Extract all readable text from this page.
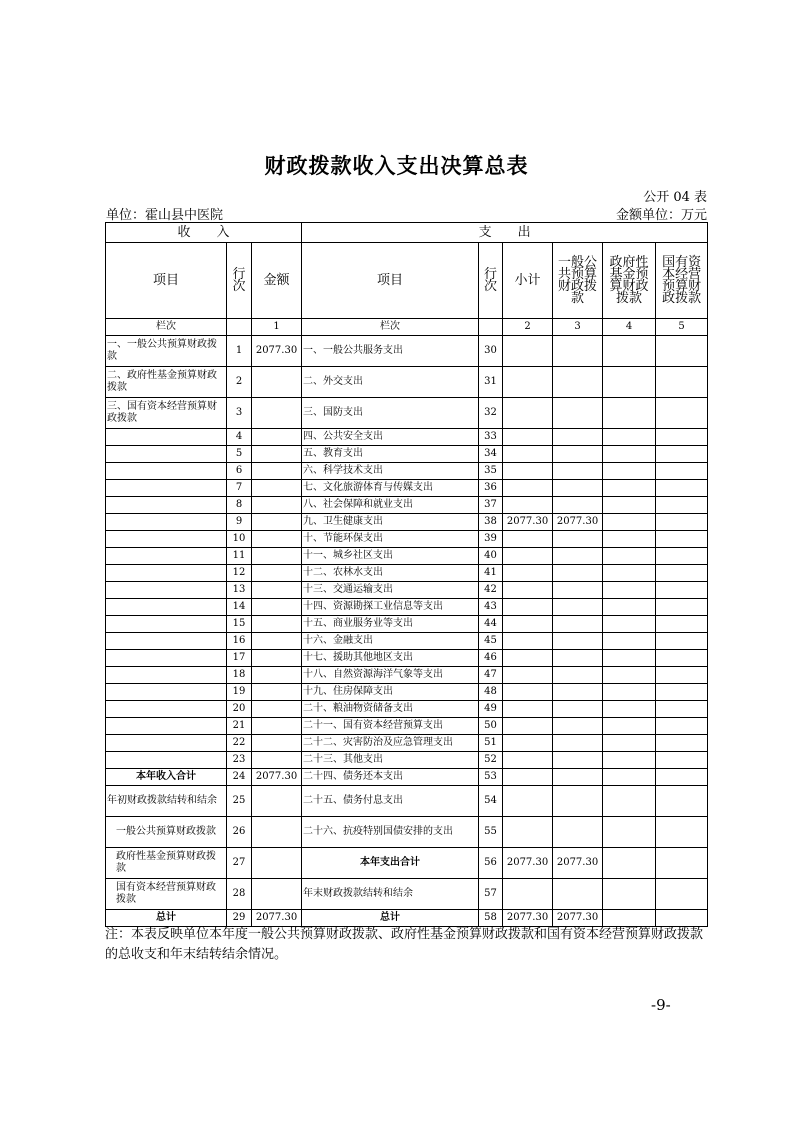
财政拨款收入支出决算总表
公开 04 表
单位：霍山县中医院	金额单位：万元
收　　入			支　　出					
项目	行次	金额	项目	行次	小计	一般公共预算财政拨款	政府性基金预算财政拨款	国有资本经营预算财政拨款
栏次		1	栏次		2	3	4	5
一、一般公共预算财政拨款	1	2077.30	一、一般公共服务支出	30				
二、政府性基金预算财政拨款	2		二、外交支出	31				
三、国有资本经营预算财政拨款	3		三、国防支出	32				
	4		四、公共安全支出	33				
	5		五、教育支出	34				
	6		六、科学技术支出	35				
	7		七、文化旅游体育与传媒支出	36				
	8		八、社会保障和就业支出	37				
	9		九、卫生健康支出	38	2077.30	2077.30		
	10		十、节能环保支出	39				
	11		十一、城乡社区支出	40				
	12		十二、农林水支出	41				
	13		十三、交通运输支出	42				
	14		十四、资源勘探工业信息等支出	43				
	15		十五、商业服务业等支出	44				
	16		十六、金融支出	45				
	17		十七、援助其他地区支出	46				
	18		十八、自然资源海洋气象等支出	47				
	19		十九、住房保障支出	48				
	20		二十、粮油物资储备支出	49				
	21		二十一、国有资本经营预算支出	50				
	22		二十二、灾害防治及应急管理支出	51				
	23		二十三、其他支出	52				
本年收入合计	24	2077.30	二十四、债务还本支出	53				
年初财政拨款结转和结余	25		二十五、债务付息支出	54				
一般公共预算财政拨款	26		二十六、抗疫特别国债安排的支出	55				
政府性基金预算财政拨款	27		本年支出合计	56	2077.30	2077.30		
国有资本经营预算财政拨款	28		年末财政拨款结转和结余	57				
总计	29	2077.30	总计	58	2077.30	2077.30		
注：本表反映单位本年度一般公共预算财政拨款、政府性基金预算财政拨款和国有资本经营预算财政拨款的总收支和年末结转结余情况。
-9-
